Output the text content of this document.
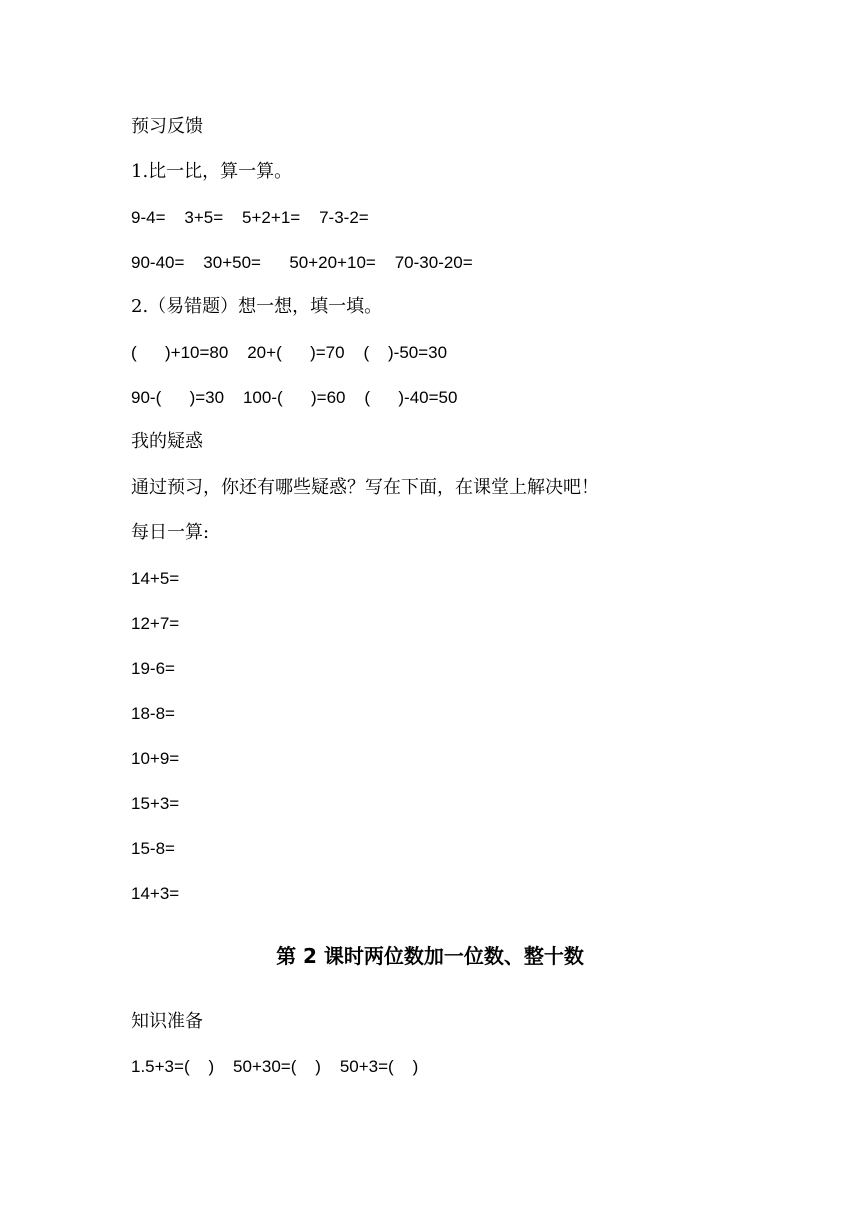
预习反馈
1.比一比，算一算。
9-4=    3+5=    5+2+1=    7-3-2=
90-40=    30+50=      50+20+10=    70-30-20=
2.（易错题）想一想，填一填。
(      )+10=80    20+(      )=70    (    )-50=30
90-(      )=30    100-(      )=60    (      )-40=50
我的疑惑
通过预习，你还有哪些疑惑？写在下面，在课堂上解决吧！
每日一算:
14+5=
12+7=
19-6=
18-8=
10+9=
15+3=
15-8=
14+3=
第 2 课时两位数加一位数、整十数
知识准备
1.5+3=(    )    50+30=(    )    50+3=(    )
